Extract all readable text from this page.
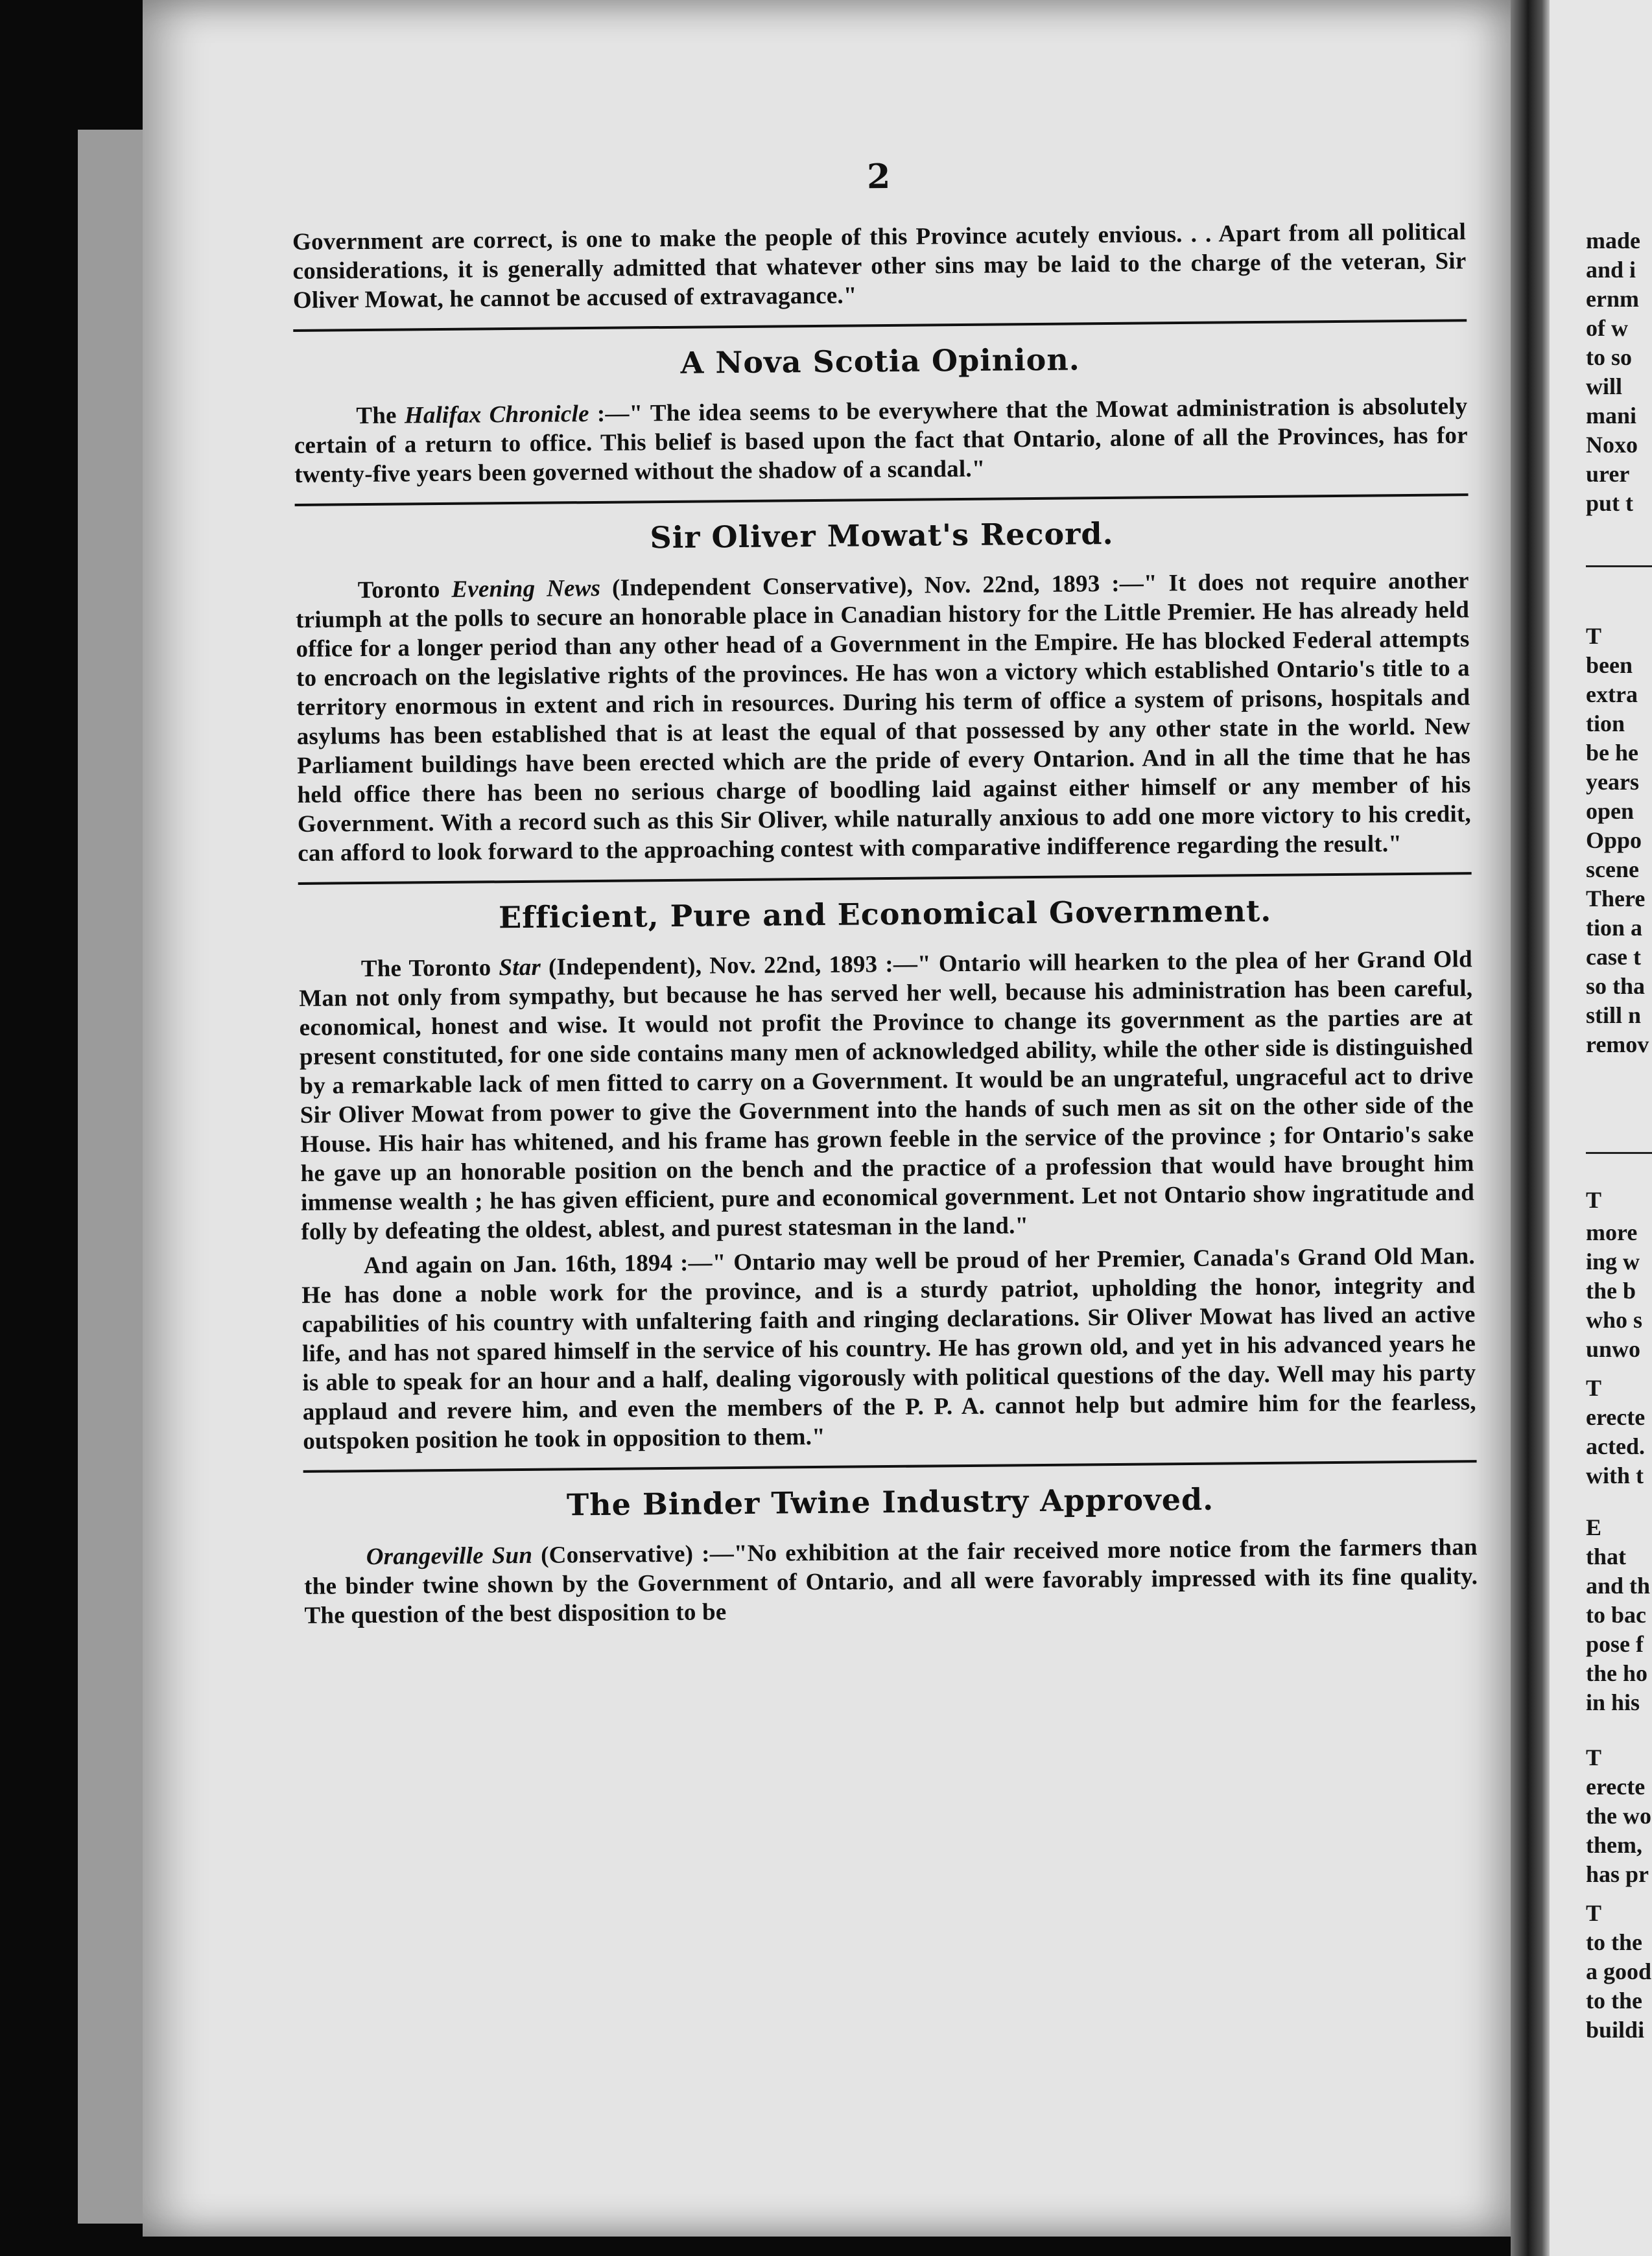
made
and i
ernm
of w
to so
will
mani
Noxo
urer
put t
T
been
extra
tion
be he
years
open
Oppo
scene
There
tion a
case t
so tha
still n
remov
T
more
ing w
the b
who s
unwo
T
erecte
acted.
with t
E
that
and th
to bac
pose f
the ho
in his
T
erecte
the wo
them,
has pr
T
to the
a good
to the
buildi
2

Government are correct, is one to make the people of this Province acutely envious. . . Apart from all political considerations, it is generally admitted that whatever other sins may be laid to the charge of the veteran, Sir Oliver Mowat, he cannot be accused of extravagance."

A Nova Scotia Opinion.

The Halifax Chronicle :—" The idea seems to be everywhere that the Mowat administration is absolutely certain of a return to office. This belief is based upon the fact that Ontario, alone of all the Provinces, has for twenty-five years been governed without the shadow of a scandal."

Sir Oliver Mowat's Record.

Toronto Evening News (Independent Conservative), Nov. 22nd, 1893 :—" It does not require another triumph at the polls to secure an honorable place in Canadian history for the Little Premier. He has already held office for a longer period than any other head of a Government in the Empire. He has blocked Federal attempts to encroach on the legislative rights of the provinces. He has won a victory which established Ontario's title to a territory enormous in extent and rich in resources. During his term of office a system of prisons, hospitals and asylums has been established that is at least the equal of that possessed by any other state in the world. New Parliament buildings have been erected which are the pride of every Ontarion. And in all the time that he has held office there has been no serious charge of boodling laid against either himself or any member of his Government. With a record such as this Sir Oliver, while naturally anxious to add one more victory to his credit, can afford to look forward to the approaching contest with comparative indifference regarding the result."

Efficient, Pure and Economical Government.

The Toronto Star (Independent), Nov. 22nd, 1893 :—" Ontario will hearken to the plea of her Grand Old Man not only from sympathy, but because he has served her well, because his administration has been careful, economical, honest and wise. It would not profit the Province to change its government as the parties are at present constituted, for one side contains many men of acknowledged ability, while the other side is distinguished by a remarkable lack of men fitted to carry on a Government. It would be an ungrateful, ungraceful act to drive Sir Oliver Mowat from power to give the Government into the hands of such men as sit on the other side of the House. His hair has whitened, and his frame has grown feeble in the service of the province ; for Ontario's sake he gave up an honorable position on the bench and the practice of a profession that would have brought him immense wealth ; he has given efficient, pure and economical government. Let not Ontario show ingratitude and folly by defeating the oldest, ablest, and purest statesman in the land."

And again on Jan. 16th, 1894 :—" Ontario may well be proud of her Premier, Canada's Grand Old Man. He has done a noble work for the province, and is a sturdy patriot, upholding the honor, integrity and capabilities of his country with unfaltering faith and ringing declarations. Sir Oliver Mowat has lived an active life, and has not spared himself in the service of his country. He has grown old, and yet in his advanced years he is able to speak for an hour and a half, dealing vigorously with political questions of the day. Well may his party applaud and revere him, and even the members of the P. P. A. cannot help but admire him for the fearless, outspoken position he took in opposition to them."

The Binder Twine Industry Approved.

Orangeville Sun (Conservative) :—"No exhibition at the fair received more notice from the farmers than the binder twine shown by the Government of Ontario, and all were favorably impressed with its fine quality. The question of the best disposition to be
